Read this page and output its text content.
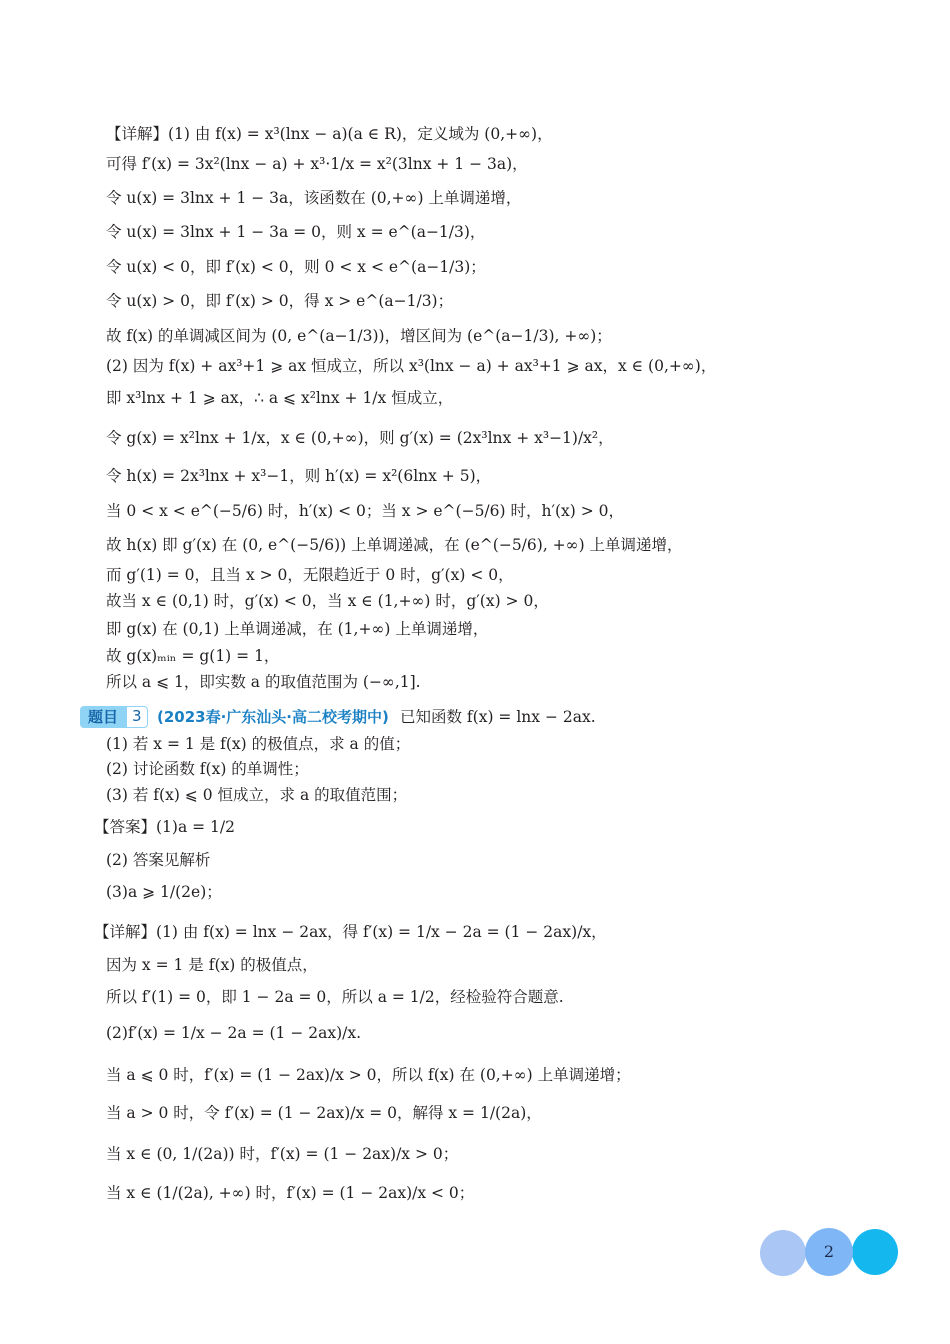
【详解】(1) 由 f(x) = x³(lnx − a)(a ∈ R)，定义域为 (0,+∞)，
可得 f′(x) = 3x²(lnx − a) + x³·1/x = x²(3lnx + 1 − 3a)，
令 u(x) = 3lnx + 1 − 3a，该函数在 (0,+∞) 上单调递增，
令 u(x) = 3lnx + 1 − 3a = 0，则 x = e^(a−1/3)，
令 u(x) < 0，即 f′(x) < 0，则 0 < x < e^(a−1/3)；
令 u(x) > 0，即 f′(x) > 0，得 x > e^(a−1/3)；
故 f(x) 的单调减区间为 (0, e^(a−1/3))，增区间为 (e^(a−1/3), +∞)；
(2) 因为 f(x) + ax³+1 ⩾ ax 恒成立，所以 x³(lnx − a) + ax³+1 ⩾ ax，x ∈ (0,+∞)，
即 x³lnx + 1 ⩾ ax，∴ a ⩽ x²lnx + 1/x 恒成立，
令 g(x) = x²lnx + 1/x，x ∈ (0,+∞)，则 g′(x) = (2x³lnx + x³−1)/x²，
令 h(x) = 2x³lnx + x³−1，则 h′(x) = x²(6lnx + 5)，
当 0 < x < e^(−5/6) 时，h′(x) < 0；当 x > e^(−5/6) 时，h′(x) > 0，
故 h(x) 即 g′(x) 在 (0, e^(−5/6)) 上单调递减，在 (e^(−5/6), +∞) 上单调递增，
而 g′(1) = 0，且当 x > 0，无限趋近于 0 时，g′(x) < 0，
故当 x ∈ (0,1) 时，g′(x) < 0，当 x ∈ (1,+∞) 时，g′(x) > 0，
即 g(x) 在 (0,1) 上单调递减，在 (1,+∞) 上单调递增，
故 g(x)ₘᵢₙ = g(1) = 1，
所以 a ⩽ 1，即实数 a 的取值范围为 (−∞,1].
题目 3	(2023春·广东汕头·高二校考期中) 已知函数 f(x) = lnx − 2ax.
(1) 若 x = 1 是 f(x) 的极值点，求 a 的值；
(2) 讨论函数 f(x) 的单调性；
(3) 若 f(x) ⩽ 0 恒成立，求 a 的取值范围；
【答案】(1)a = 1/2
(2) 答案见解析
(3)a ⩾ 1/(2e)；
【详解】(1) 由 f(x) = lnx − 2ax，得 f′(x) = 1/x − 2a = (1 − 2ax)/x，
因为 x = 1 是 f(x) 的极值点，
所以 f′(1) = 0，即 1 − 2a = 0，所以 a = 1/2，经检验符合题意.
(2)f′(x) = 1/x − 2a = (1 − 2ax)/x.
当 a ⩽ 0 时，f′(x) = (1 − 2ax)/x > 0，所以 f(x) 在 (0,+∞) 上单调递增；
当 a > 0 时，令 f′(x) = (1 − 2ax)/x = 0，解得 x = 1/(2a)，
当 x ∈ (0, 1/(2a)) 时，f′(x) = (1 − 2ax)/x > 0；
当 x ∈ (1/(2a), +∞) 时，f′(x) = (1 − 2ax)/x < 0；
2
